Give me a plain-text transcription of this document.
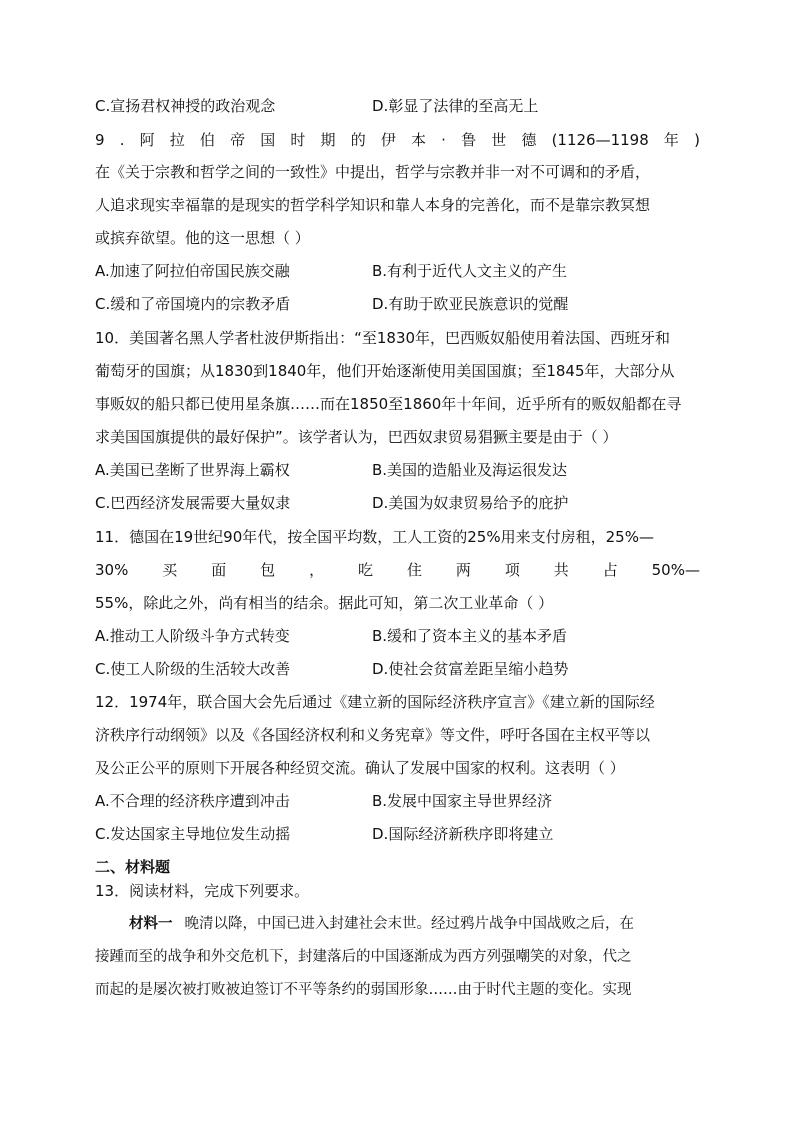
C.宣扬君权神授的政治观念	D.彰显了法律的至高无上
9 . 阿 拉 伯 帝 国 时 期 的 伊 本 · 鲁 世 德 (1126—1198 年 )
在《关于宗教和哲学之间的一致性》中提出，哲学与宗教并非一对不可调和的矛盾，
人追求现实幸福靠的是现实的哲学科学知识和靠人本身的完善化，而不是靠宗教冥想
或摈弃欲望。他的这一思想（ ）
A.加速了阿拉伯帝国民族交融	B.有利于近代人文主义的产生
C.缓和了帝国境内的宗教矛盾	D.有助于欧亚民族意识的觉醒
10．美国著名黑人学者杜波伊斯指出：“至1830年，巴西贩奴船使用着法国、西班牙和
葡萄牙的国旗；从1830到1840年，他们开始逐渐使用美国国旗；至1845年，大部分从
事贩奴的船只都已使用星条旗……而在1850至1860年十年间，近乎所有的贩奴船都在寻
求美国国旗提供的最好保护”。该学者认为，巴西奴隶贸易猖獗主要是由于（ ）
A.美国已垄断了世界海上霸权	B.美国的造船业及海运很发达
C.巴西经济发展需要大量奴隶	D.美国为奴隶贸易给予的庇护
11．德国在19世纪90年代，按全国平均数，工人工资的25%用来支付房租，25%—
30% 买 面 包 ， 吃 住 两 项 共 占 50%—
55%，除此之外，尚有相当的结余。据此可知，第二次工业革命（ ）
A.推动工人阶级斗争方式转变	B.缓和了资本主义的基本矛盾
C.使工人阶级的生活较大改善	D.使社会贫富差距呈缩小趋势
12．1974年，联合国大会先后通过《建立新的国际经济秩序宣言》《建立新的国际经
济秩序行动纲领》以及《各国经济权利和义务宪章》等文件，呼吁各国在主权平等以
及公正公平的原则下开展各种经贸交流。确认了发展中国家的权利。这表明（ ）
A.不合理的经济秩序遭到冲击	B.发展中国家主导世界经济
C.发达国家主导地位发生动摇	D.国际经济新秩序即将建立
二、材料题
13．阅读材料，完成下列要求。
材料一 晚清以降，中国已进入封建社会末世。经过鸦片战争中国战败之后，在
接踵而至的战争和外交危机下，封建落后的中国逐渐成为西方列强嘲笑的对象，代之
而起的是屡次被打败被迫签订不平等条约的弱国形象……由于时代主题的变化。实现
